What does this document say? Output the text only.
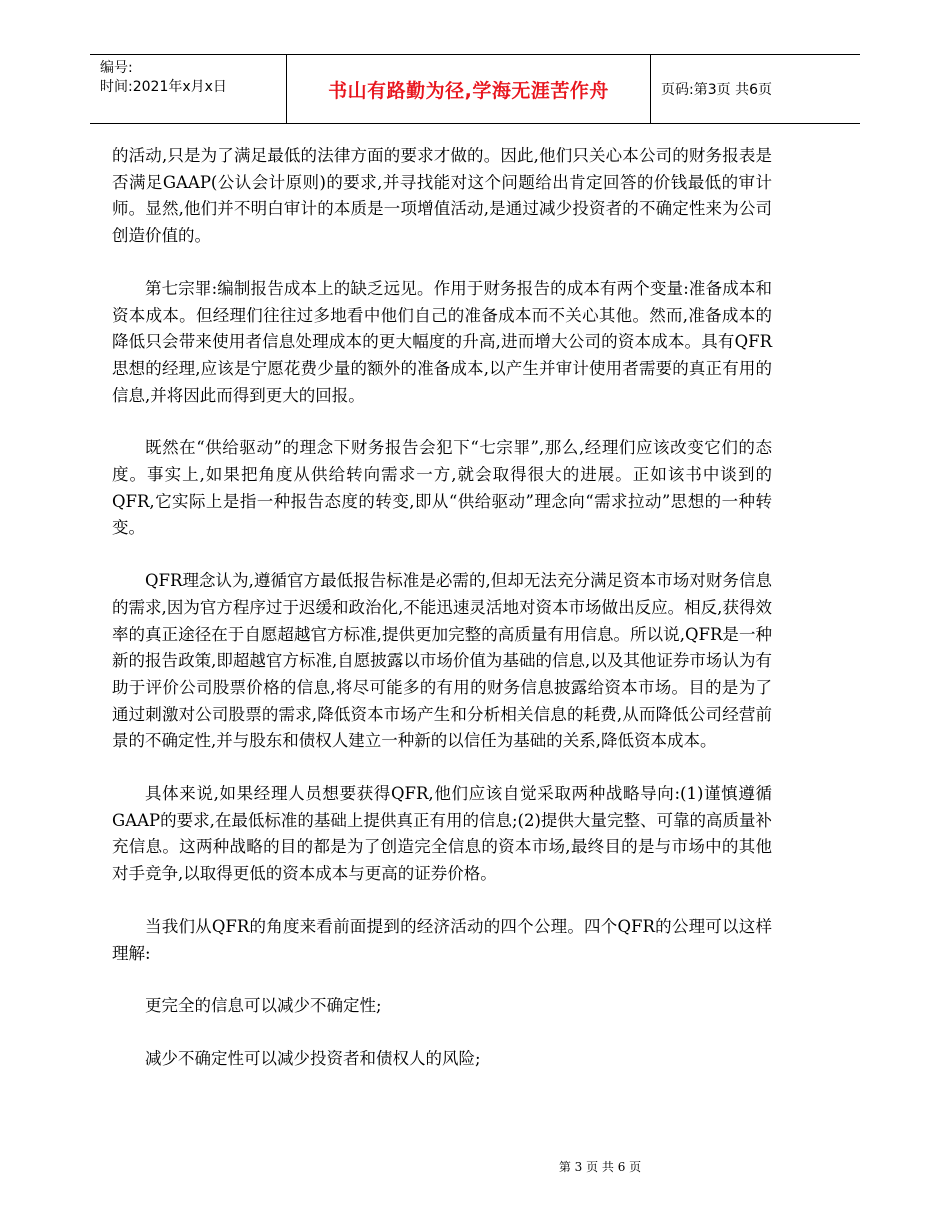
编号:
时间:2021年x月x日	书山有路勤为径,学海无涯苦作舟	页码:第3页 共6页

的活动,只是为了满足最低的法律方面的要求才做的。因此,他们只关心本公司的财务报表是否满足GAAP(公认会计原则)的要求,并寻找能对这个问题给出肯定回答的价钱最低的审计师。显然,他们并不明白审计的本质是一项增值活动,是通过减少投资者的不确定性来为公司创造价值的。

第七宗罪:编制报告成本上的缺乏远见。作用于财务报告的成本有两个变量:准备成本和资本成本。但经理们往往过多地看中他们自己的准备成本而不关心其他。然而,准备成本的降低只会带来使用者信息处理成本的更大幅度的升高,进而增大公司的资本成本。具有QFR思想的经理,应该是宁愿花费少量的额外的准备成本,以产生并审计使用者需要的真正有用的信息,并将因此而得到更大的回报。

既然在“供给驱动”的理念下财务报告会犯下“七宗罪”,那么,经理们应该改变它们的态度。事实上,如果把角度从供给转向需求一方,就会取得很大的进展。正如该书中谈到的QFR,它实际上是指一种报告态度的转变,即从“供给驱动”理念向“需求拉动”思想的一种转变。

QFR理念认为,遵循官方最低报告标准是必需的,但却无法充分满足资本市场对财务信息的需求,因为官方程序过于迟缓和政治化,不能迅速灵活地对资本市场做出反应。相反,获得效率的真正途径在于自愿超越官方标准,提供更加完整的高质量有用信息。所以说,QFR是一种新的报告政策,即超越官方标准,自愿披露以市场价值为基础的信息,以及其他证券市场认为有助于评价公司股票价格的信息,将尽可能多的有用的财务信息披露给资本市场。目的是为了通过刺激对公司股票的需求,降低资本市场产生和分析相关信息的耗费,从而降低公司经营前景的不确定性,并与股东和债权人建立一种新的以信任为基础的关系,降低资本成本。

具体来说,如果经理人员想要获得QFR,他们应该自觉采取两种战略导向:(1)谨慎遵循GAAP的要求,在最低标准的基础上提供真正有用的信息;(2)提供大量完整、可靠的高质量补充信息。这两种战略的目的都是为了创造完全信息的资本市场,最终目的是与市场中的其他对手竞争,以取得更低的资本成本与更高的证券价格。

当我们从QFR的角度来看前面提到的经济活动的四个公理。四个QFR的公理可以这样理解:

更完全的信息可以减少不确定性;

减少不确定性可以减少投资者和债权人的风险;

第 3 页 共 6 页
